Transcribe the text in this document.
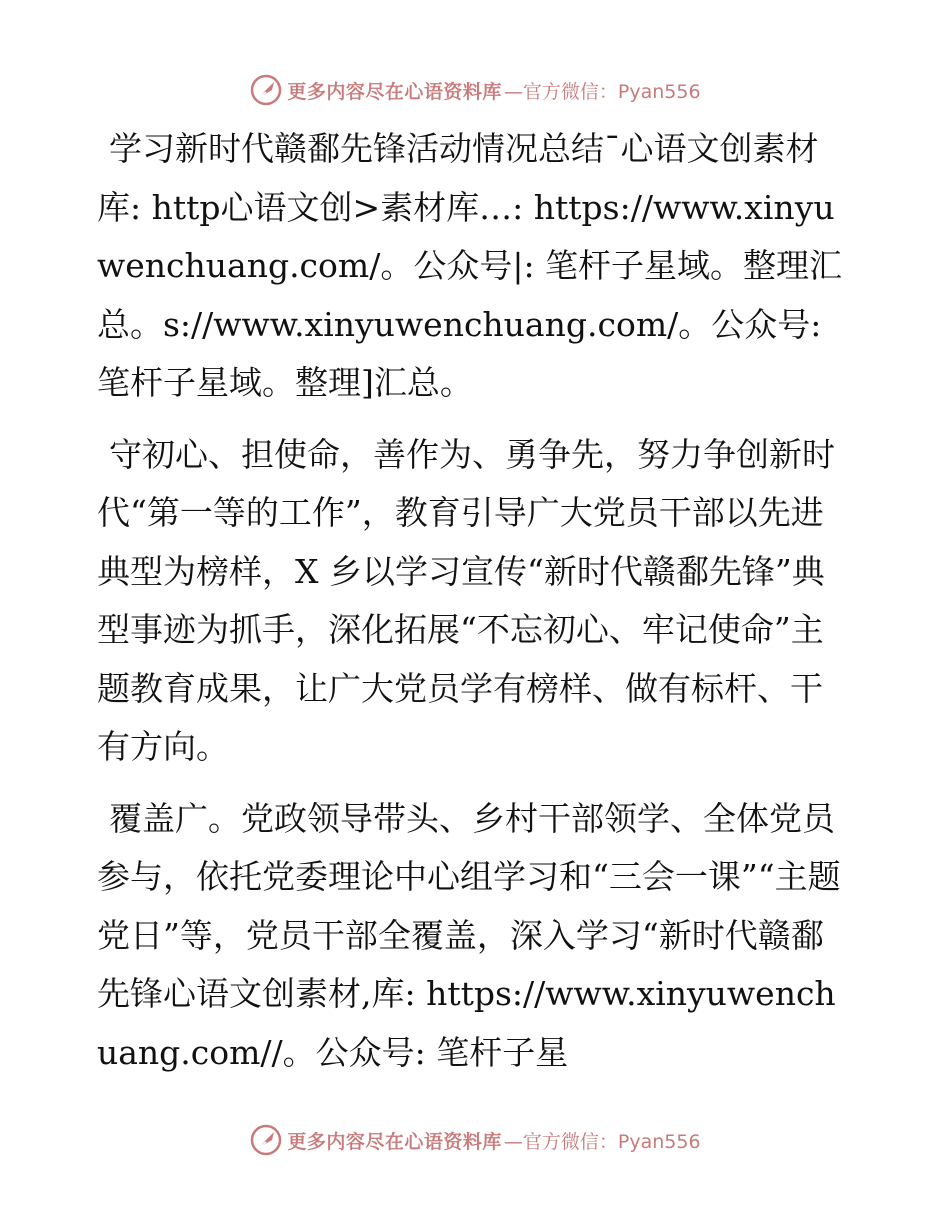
更多内容尽在心语资料库 —官方微信：Pyan556

学习新时代赣鄱先锋活动情况总结¯心语文创素材库: http心语文创>素材库…: https://www.xinyuwenchuang.com/。公众号|: 笔杆子星域。整理汇总。s://www.xinyuwenchuang.com/。公众号: 笔杆子星域。整理]汇总。

守初心、担使命，善作为、勇争先，努力争创新时代“第一等的工作”，教育引导广大党员干部以先进典型为榜样，X 乡以学习宣传“新时代赣鄱先锋”典型事迹为抓手，深化拓展“不忘初心、牢记使命”主题教育成果，让广大党员学有榜样、做有标杆、干有方向。

覆盖广。党政领导带头、乡村干部领学、全体党员参与，依托党委理论中心组学习和“三会一课”“主题党日”等，党员干部全覆盖，深入学习“新时代赣鄱先锋心语文创素材,库: https://www.xinyuwenchuang.com//。公众号: 笔杆子星

更多内容尽在心语资料库 —官方微信：Pyan556
